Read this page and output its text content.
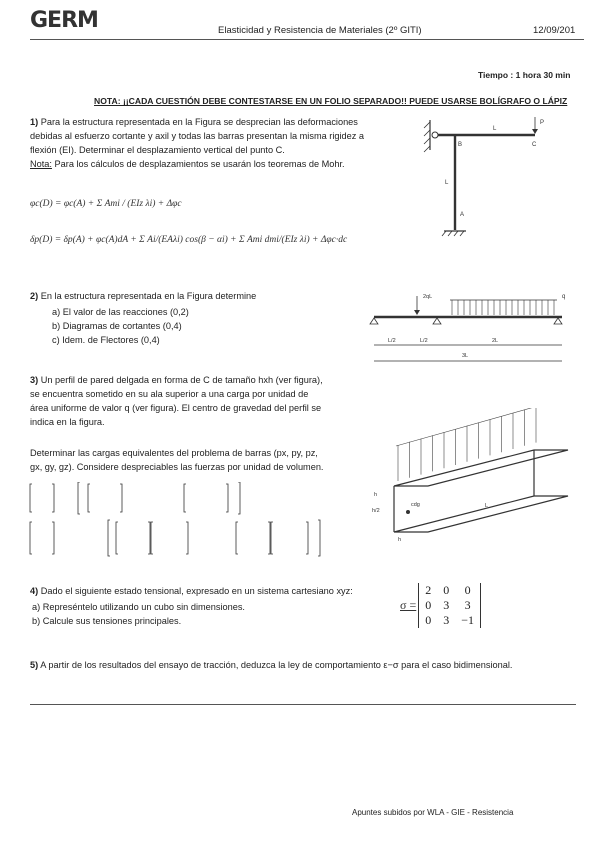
GERM	Elasticidad y Resistencia de Materiales (2º GITI)	12/09/201
Tiempo : 1 hora 30 min
NOTA: ¡¡CADA CUESTIÓN DEBE CONTESTARSE EN UN FOLIO SEPARADO!! PUEDE USARSE BOLÍGRAFO O LÁPIZ
1) Para la estructura representada en la Figura se desprecian las deformaciones
debidas al esfuerzo cortante y axil y todas las barras presentan la misma rigidez a
flexión (EI). Determinar el desplazamiento vertical del punto C.
Nota: Para los cálculos de desplazamientos se usarán los teoremas de Mohr.
φc(D) = φc(A) + Σ Ami / (EIz λi) + Δφc
δp(D) = δp(A) + φc(A)dA + Σ Ai/(EAλi) cos(β − αi) + Σ Ami dmi/(EIz λi) + Δφc·dc
P
B	C
A
L
L
2) En la estructura representada en la Figura determine
a) El valor de las reacciones (0,2)
b) Diagramas de cortantes (0,4)
c) Idem. de Flectores (0,4)
2qL	q
L/2	L/2	2L
3L
3) Un perfil de pared delgada en forma de C de tamaño hxh (ver figura),
se encuentra sometido en su ala superior a una carga por unidad de
área uniforme de valor q (ver figura). El centro de gravedad del perfil se
indica en la figura.
Determinar las cargas equivalentes del problema de barras (px, py, pz,
gx, gy, gz). Considere despreciables las fuerzas por unidad de volumen.
h
h/2
h
cdg	L
4) Dado el siguiente estado tensional, expresado en un sistema cartesiano xyz:
a) Represéntelo utilizando un cubo sin dimensiones.
b) Calcule sus tensiones principales.
σ =
2	0	0
0	3	3
0	3	−1
5) A partir de los resultados del ensayo de tracción, deduzca la ley de comportamiento ε−σ para el caso bidimensional.
Apuntes subidos por WLA - GIE - Resistencia
